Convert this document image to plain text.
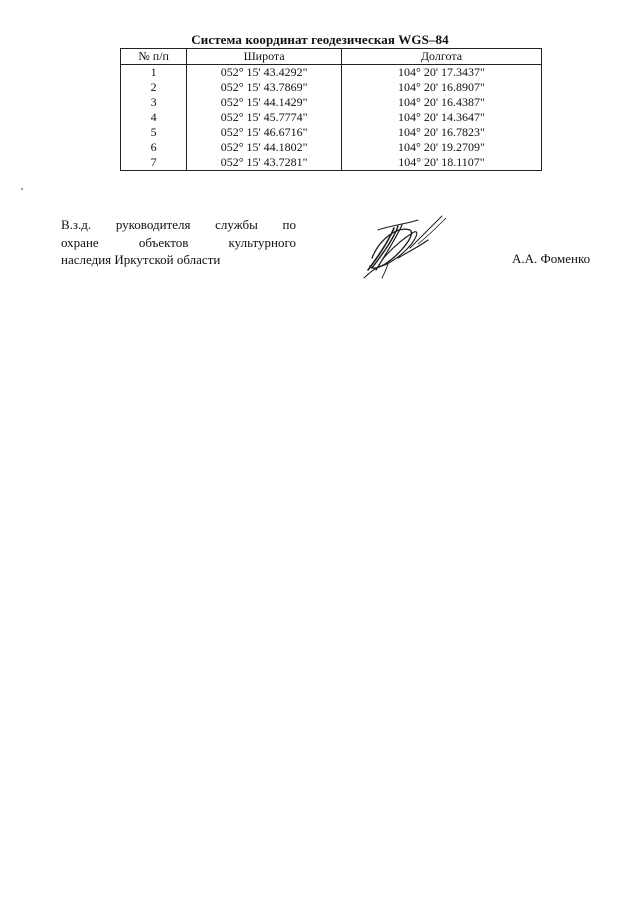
Система координат геодезическая WGS–84
№ п/п	Широта	Долгота
1	052° 15' 43.4292"	104° 20' 17.3437"
2	052° 15' 43.7869"	104° 20' 16.8907"
3	052° 15' 44.1429"	104° 20' 16.4387"
4	052° 15' 45.7774"	104° 20' 14.3647"
5	052° 15' 46.6716"	104° 20' 16.7823"
6	052° 15' 44.1802"	104° 20' 19.2709"
7	052° 15' 43.7281"	104° 20' 18.1107"
В.з.д. руководителя службы по
охране объектов культурного
наследия Иркутской области	А.А. Фоменко
